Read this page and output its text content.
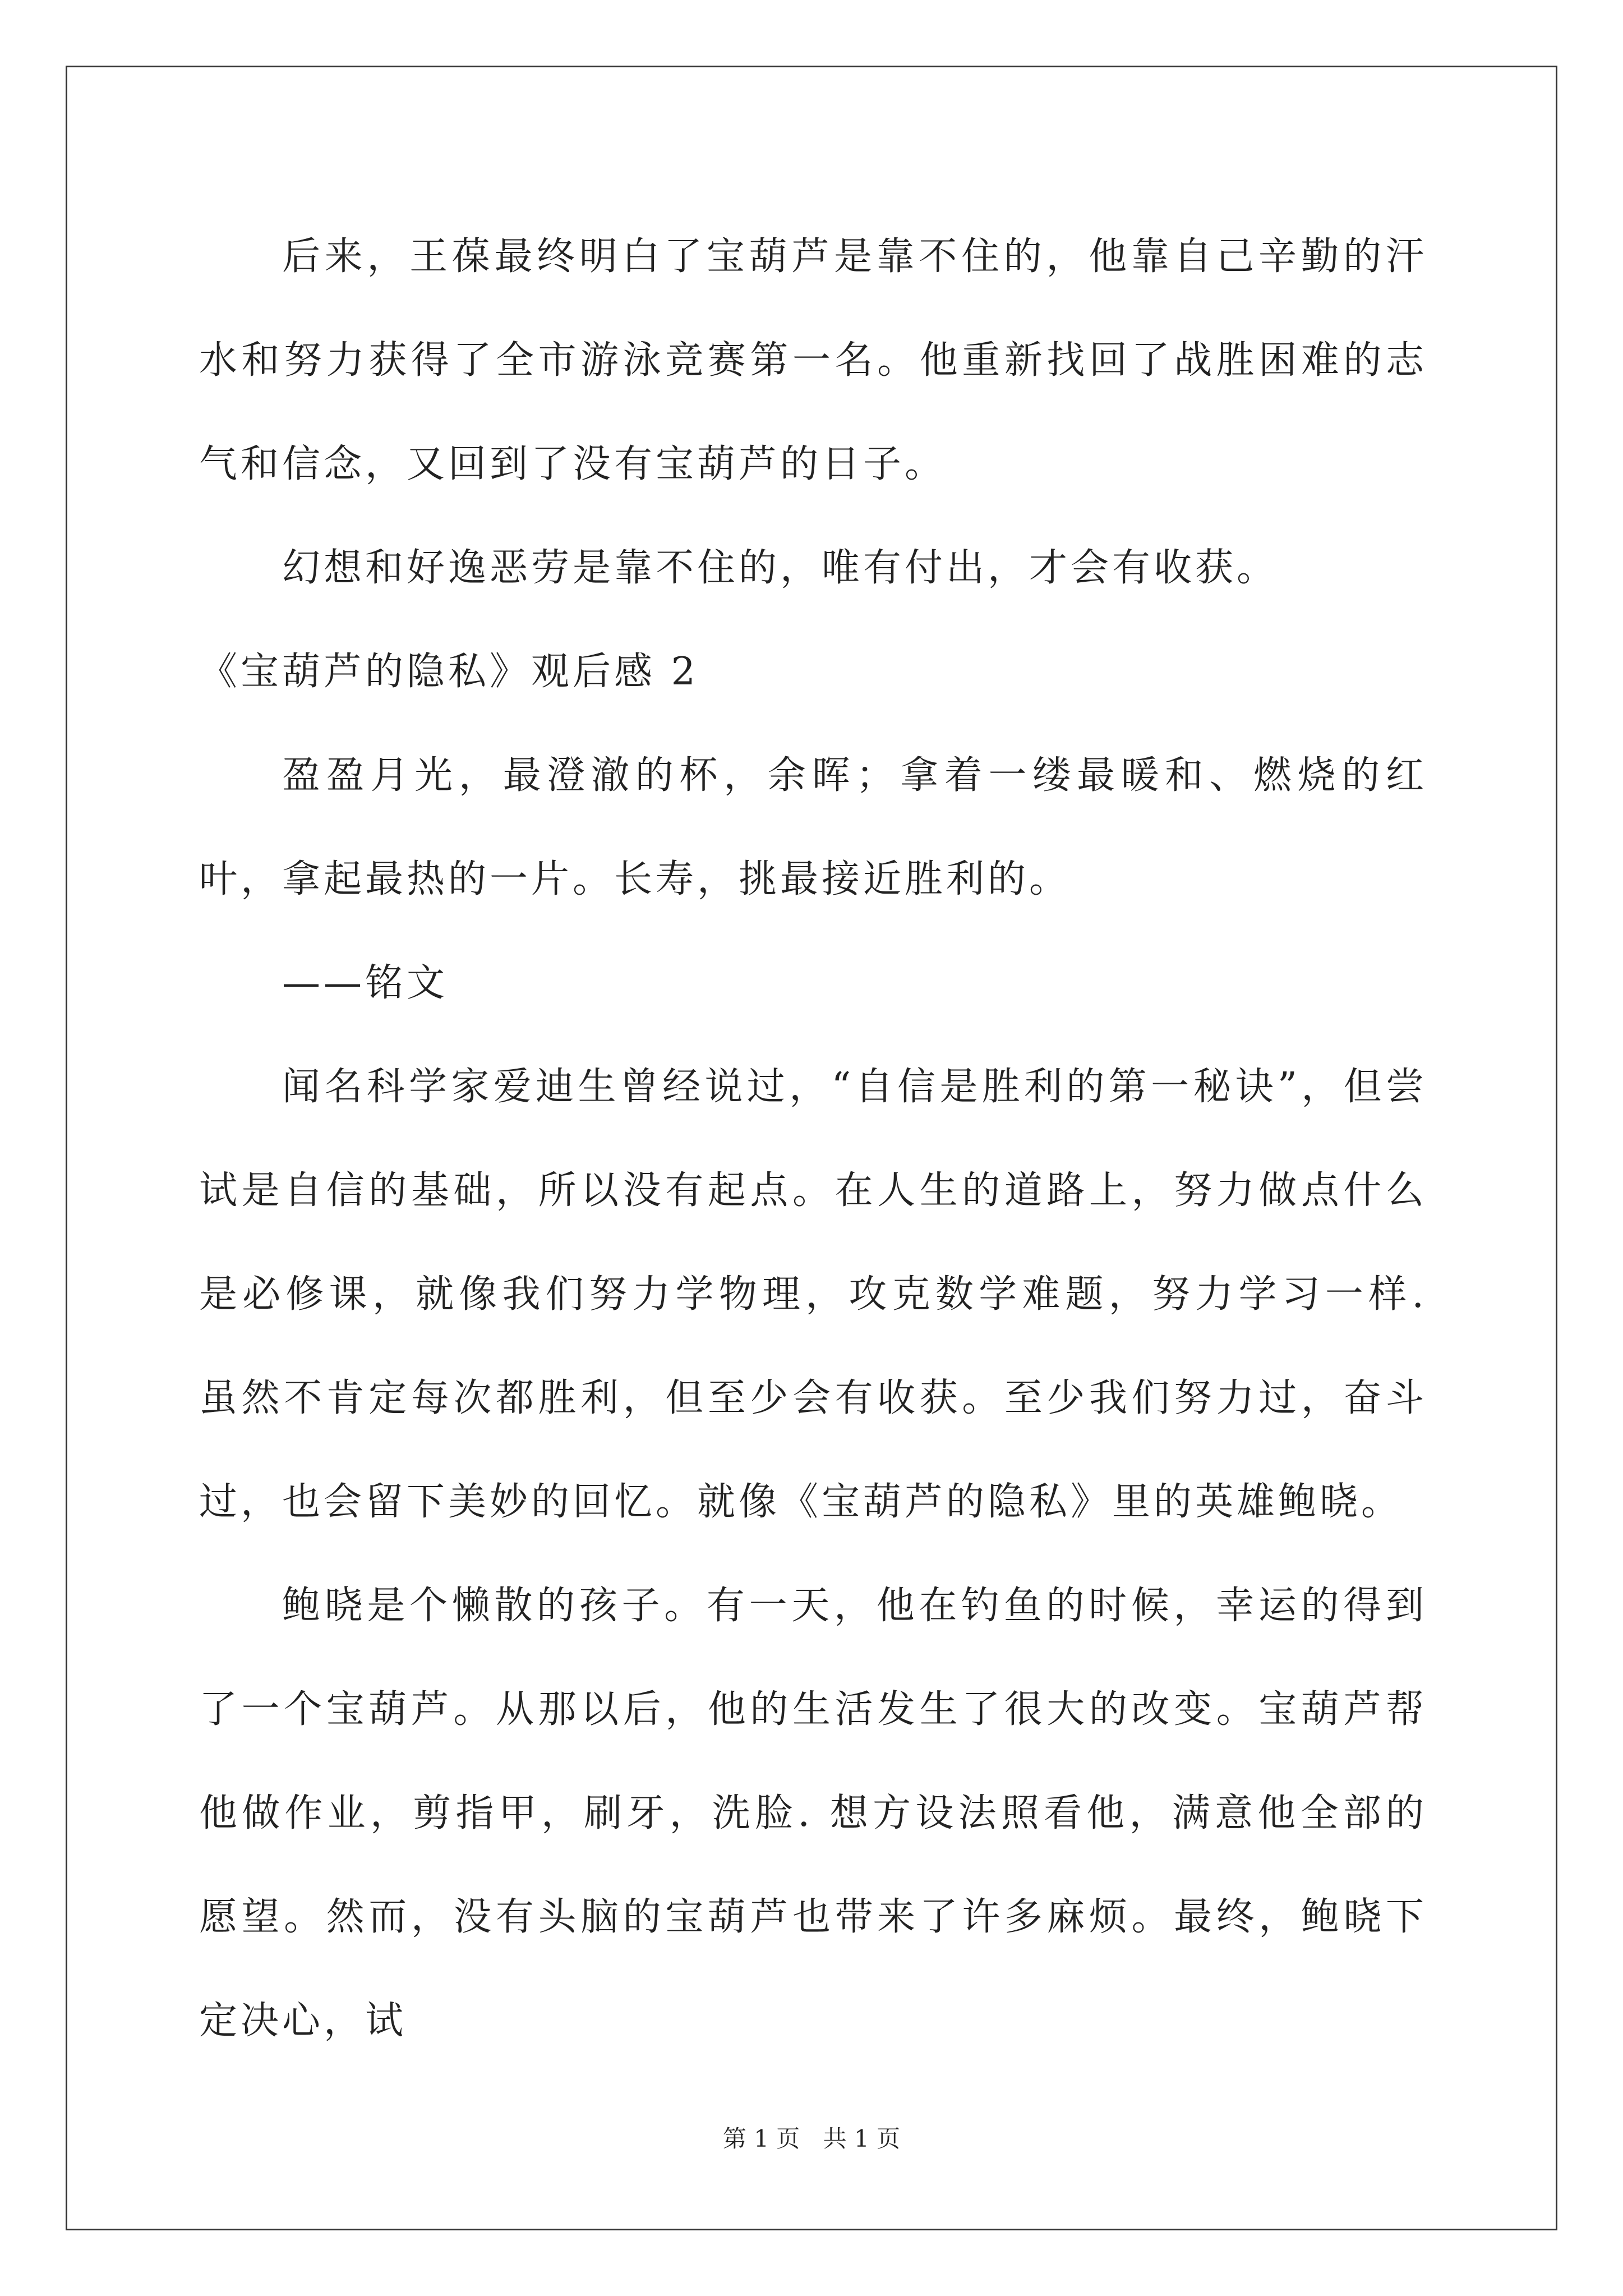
后来，王葆最终明白了宝葫芦是靠不住的，他靠自己辛勤的汗水和努力获得了全市游泳竞赛第一名。他重新找回了战胜困难的志气和信念，又回到了没有宝葫芦的日子。

幻想和好逸恶劳是靠不住的，唯有付出，才会有收获。

《宝葫芦的隐私》观后感 2

盈盈月光，最澄澈的杯，余晖；拿着一缕最暖和、燃烧的红叶，拿起最热的一片。长寿，挑最接近胜利的。

——铭文

闻名科学家爱迪生曾经说过，“自信是胜利的第一秘诀”，但尝试是自信的基础，所以没有起点。在人生的道路上，努力做点什么是必修课，就像我们努力学物理，攻克数学难题，努力学习一样. 虽然不肯定每次都胜利，但至少会有收获。至少我们努力过，奋斗过，也会留下美妙的回忆。就像《宝葫芦的隐私》里的英雄鲍晓。

鲍晓是个懒散的孩子。有一天，他在钓鱼的时候，幸运的得到了一个宝葫芦。从那以后，他的生活发生了很大的改变。宝葫芦帮他做作业，剪指甲，刷牙，洗脸. 想方设法照看他，满意他全部的愿望。然而，没有头脑的宝葫芦也带来了许多麻烦。最终，鲍晓下定决心，试

第 1 页 共 1 页
